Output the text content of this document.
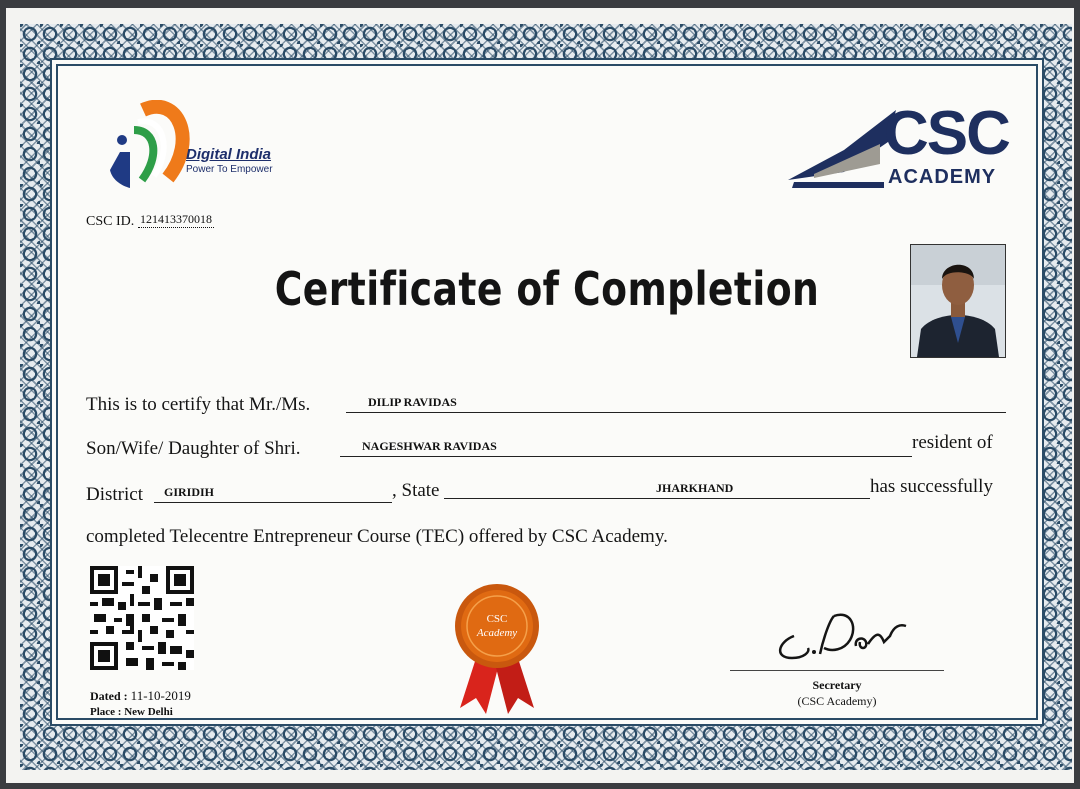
Digital India
Power To Empower
CSC
ACADEMY
CSC ID. 121413370018
Certificate of Completion
This is to certify that Mr./Ms.	DILIP RAVIDAS
Son/Wife/ Daughter of Shri.	NAGESHWAR RAVIDAS	resident of
District GIRIDIH	, State	JHARKHAND	has successfully
completed Telecentre Entrepreneur Course (TEC) offered by CSC Academy.
Dated : 11-10-2019
Place : New Delhi
CSC
Academy
Secretary
(CSC Academy)
